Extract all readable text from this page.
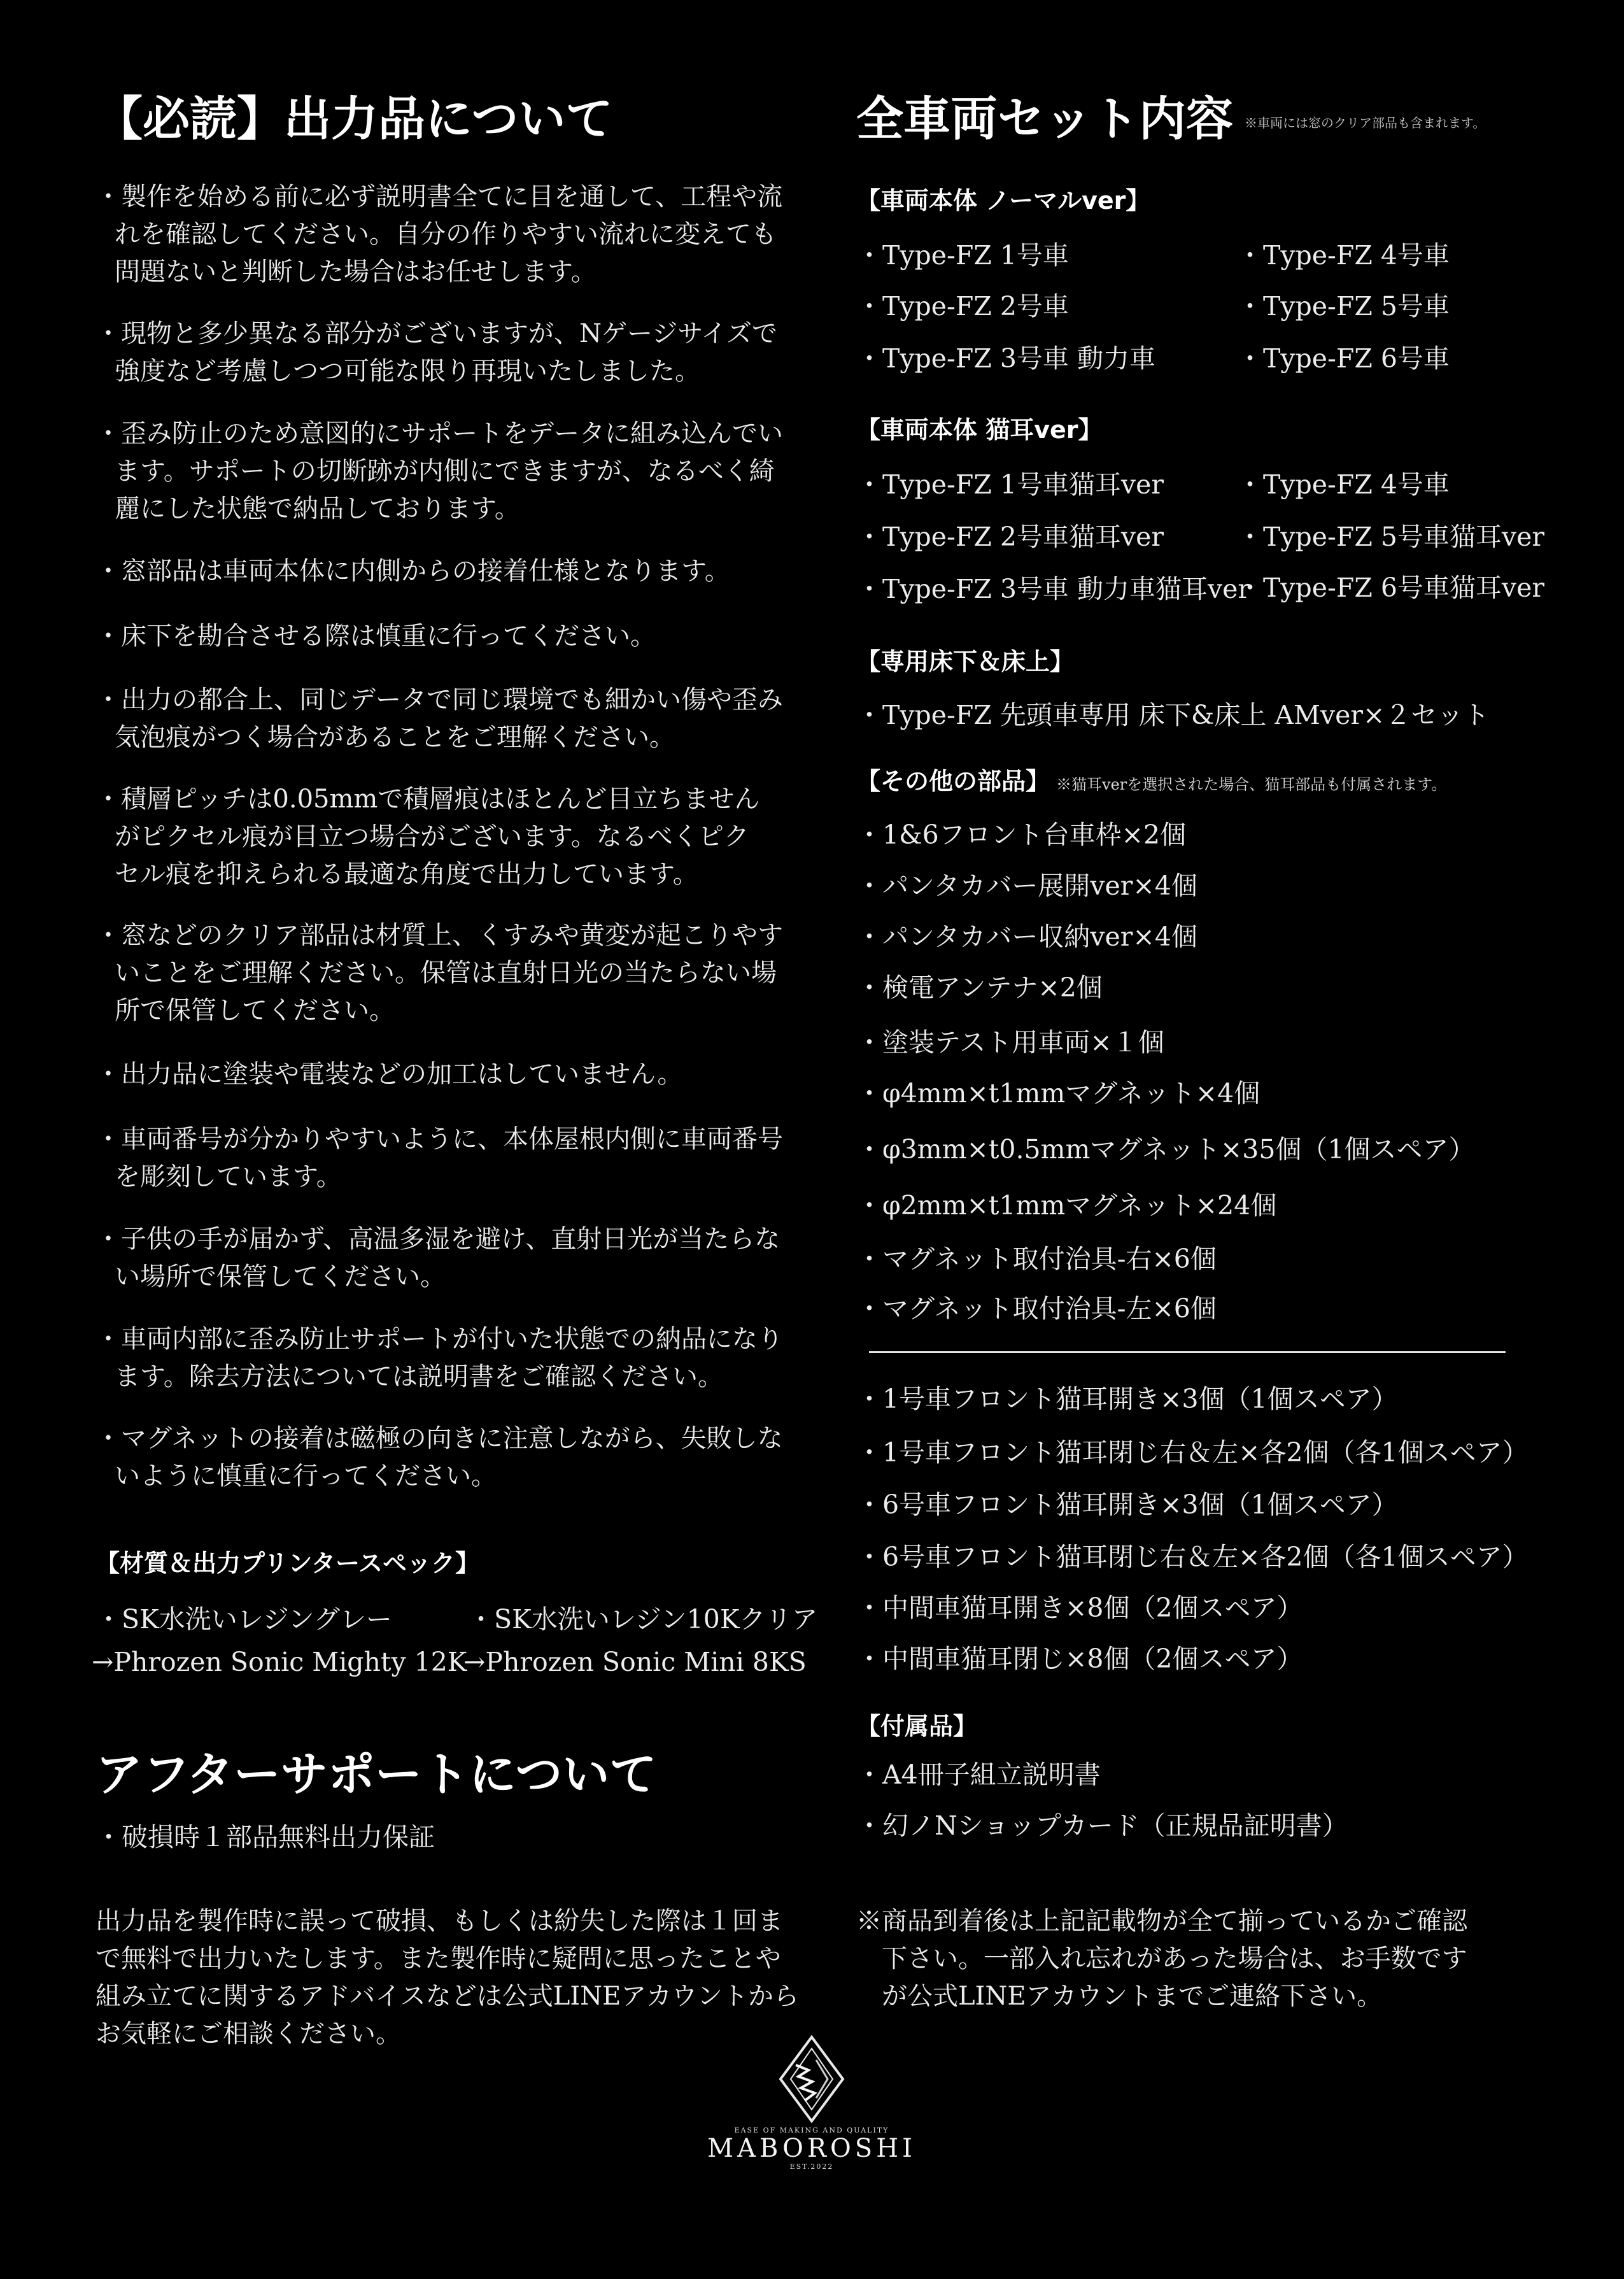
【必読】出力品について
・製作を始める前に必ず説明書全てに目を通して、工程や流
れを確認してください。自分の作りやすい流れに変えても
問題ないと判断した場合はお任せします。
・現物と多少異なる部分がございますが、Nゲージサイズで
強度など考慮しつつ可能な限り再現いたしました。
・歪み防止のため意図的にサポートをデータに組み込んでい
ます。サポートの切断跡が内側にできますが、なるべく綺
麗にした状態で納品しております。
・窓部品は車両本体に内側からの接着仕様となります。
・床下を勘合させる際は慎重に行ってください。
・出力の都合上、同じデータで同じ環境でも細かい傷や歪み
気泡痕がつく場合があることをご理解ください。
・積層ピッチは0.05mmで積層痕はほとんど目立ちません
がピクセル痕が目立つ場合がございます。なるべくピク
セル痕を抑えられる最適な角度で出力しています。
・窓などのクリア部品は材質上、くすみや黄変が起こりやす
いことをご理解ください。保管は直射日光の当たらない場
所で保管してください。
・出力品に塗装や電装などの加工はしていません。
・車両番号が分かりやすいように、本体屋根内側に車両番号
を彫刻しています。
・子供の手が届かず、高温多湿を避け、直射日光が当たらな
い場所で保管してください。
・車両内部に歪み防止サポートが付いた状態での納品になり
ます。除去方法については説明書をご確認ください。
・マグネットの接着は磁極の向きに注意しながら、失敗しな
いように慎重に行ってください。
【材質＆出力プリンタースペック】
・SK水洗いレジングレー
→Phrozen Sonic Mighty 12K
・SK水洗いレジン10Kクリア
→Phrozen Sonic Mini 8KS
アフターサポートについて
・破損時１部品無料出力保証
出力品を製作時に誤って破損、もしくは紛失した際は１回ま
で無料で出力いたします。また製作時に疑問に思ったことや
組み立てに関するアドバイスなどは公式LINEアカウントから
お気軽にご相談ください。
全車両セット内容 ※車両には窓のクリア部品も含まれます。
【車両本体 ノーマルver】
・Type-FZ 1号車
・Type-FZ 2号車
・Type-FZ 3号車 動力車
・Type-FZ 4号車
・Type-FZ 5号車
・Type-FZ 6号車
【車両本体 猫耳ver】
・Type-FZ 1号車猫耳ver
・Type-FZ 2号車猫耳ver
・Type-FZ 3号車 動力車猫耳ver
・Type-FZ 4号車
・Type-FZ 5号車猫耳ver
・Type-FZ 6号車猫耳ver
【専用床下＆床上】
・Type-FZ 先頭車専用 床下&床上 AMver×２セット
【その他の部品】 ※猫耳verを選択された場合、猫耳部品も付属されます。
・1&6フロント台車枠×2個
・パンタカバー展開ver×4個
・パンタカバー収納ver×4個
・検電アンテナ×2個
・塗装テスト用車両×１個
・φ4mm×t1mmマグネット×4個
・φ3mm×t0.5mmマグネット×35個（1個スペア）
・φ2mm×t1mmマグネット×24個
・マグネット取付治具-右×6個
・マグネット取付治具-左×6個
・1号車フロント猫耳開き×3個（1個スペア）
・1号車フロント猫耳閉じ右＆左×各2個（各1個スペア）
・6号車フロント猫耳開き×3個（1個スペア）
・6号車フロント猫耳閉じ右＆左×各2個（各1個スペア）
・中間車猫耳開き×8個（2個スペア）
・中間車猫耳閉じ×8個（2個スペア）
【付属品】
・A4冊子組立説明書
・幻ノNショップカード（正規品証明書）
※商品到着後は上記記載物が全て揃っているかご確認
　下さい。一部入れ忘れがあった場合は、お手数です
　が公式LINEアカウントまでご連絡下さい。
EASE OF MAKING AND QUALITY
MABOROSHI
EST.2022
